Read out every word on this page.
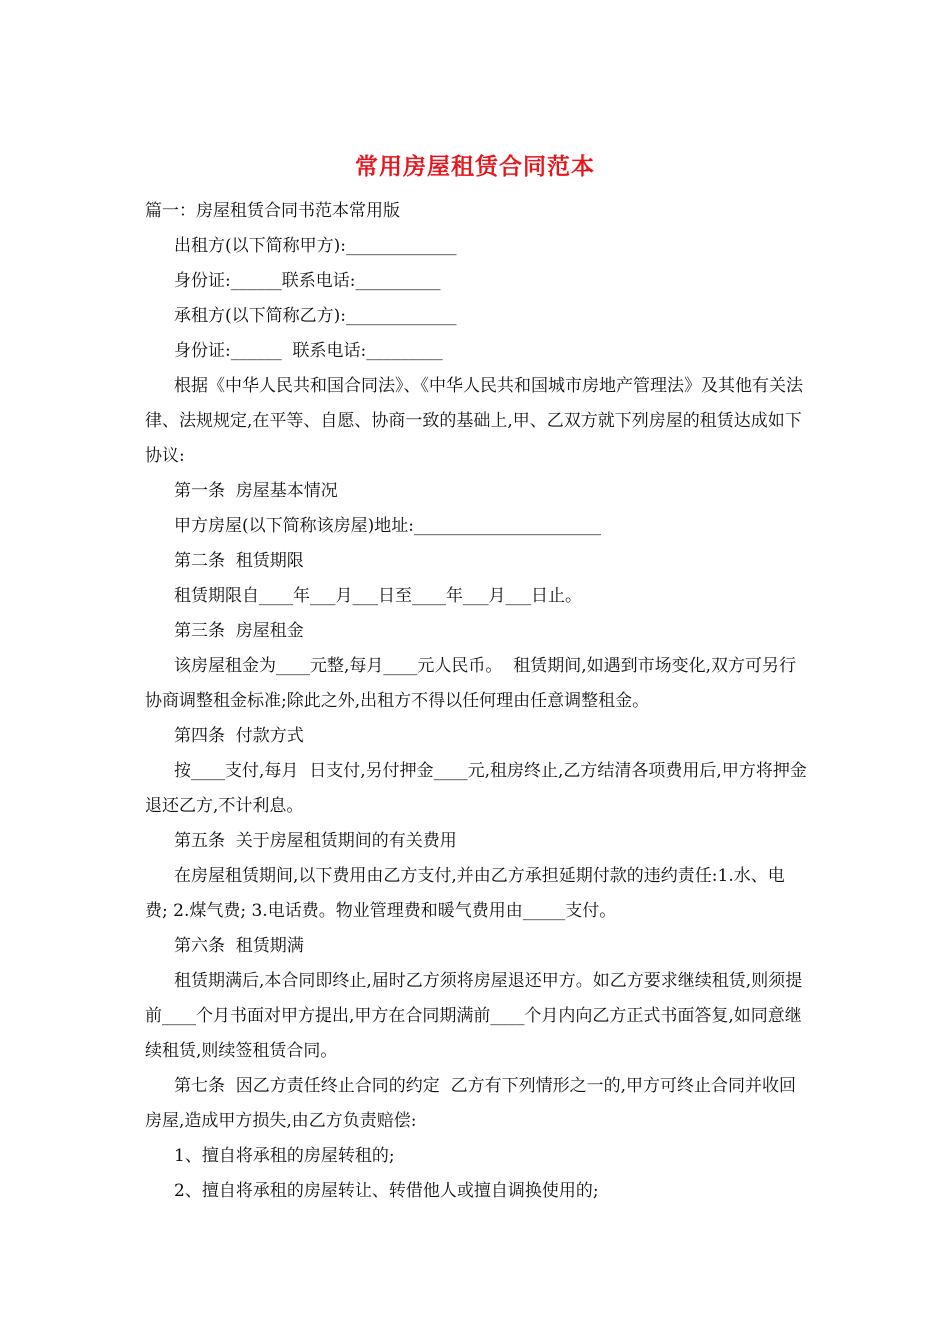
常用房屋租赁合同范本

篇一：房屋租赁合同书范本常用版

出租方(以下简称甲方):_____________

身份证:______联系电话:__________

承租方(以下简称乙方):_____________

身份证:______  联系电话:_________

根据《中华人民共和国合同法》、《中华人民共和国城市房地产管理法》及其他有关法律、法规规定,在平等、自愿、协商一致的基础上,甲、乙双方就下列房屋的租赁达成如下协议:

第一条  房屋基本情况

甲方房屋(以下简称该房屋)地址:______________________

第二条  租赁期限

租赁期限自____年___月___日至____年___月___日止。

第三条  房屋租金

该房屋租金为____元整,每月____元人民币。  租赁期间,如遇到市场变化,双方可另行协商调整租金标准;除此之外,出租方不得以任何理由任意调整租金。

第四条  付款方式

按____支付,每月  日支付,另付押金____元,租房终止,乙方结清各项费用后,甲方将押金退还乙方,不计利息。

第五条  关于房屋租赁期间的有关费用

在房屋租赁期间,以下费用由乙方支付,并由乙方承担延期付款的违约责任:1.水、电费; 2.煤气费; 3.电话费。物业管理费和暖气费用由_____支付。

第六条  租赁期满

租赁期满后,本合同即终止,届时乙方须将房屋退还甲方。如乙方要求继续租赁,则须提前____个月书面对甲方提出,甲方在合同期满前____个月内向乙方正式书面答复,如同意继续租赁,则续签租赁合同。

第七条  因乙方责任终止合同的约定  乙方有下列情形之一的,甲方可终止合同并收回房屋,造成甲方损失,由乙方负责赔偿:

1、擅自将承租的房屋转租的;

2、擅自将承租的房屋转让、转借他人或擅自调换使用的;
